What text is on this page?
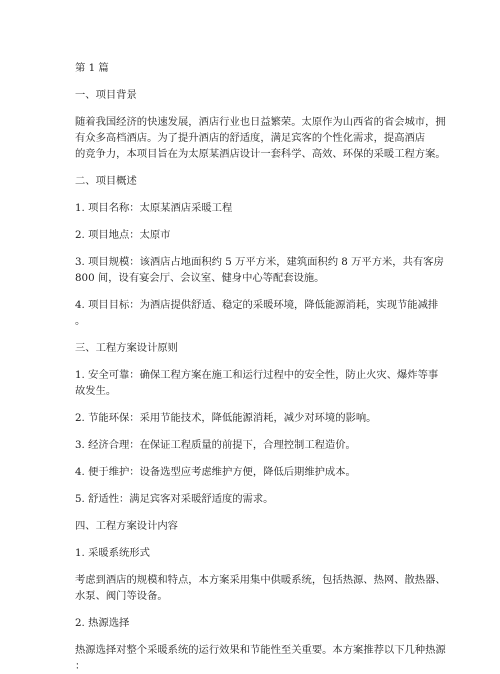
第 1 篇

一、项目背景

随着我国经济的快速发展，酒店行业也日益繁荣。太原作为山西省的省会城市，拥

有众多高档酒店。为了提升酒店的舒适度，满足宾客的个性化需求，提高酒店

的竞争力，本项目旨在为太原某酒店设计一套科学、高效、环保的采暖工程方案。

二、项目概述

1. 项目名称：太原某酒店采暖工程

2. 项目地点：太原市

3. 项目规模：该酒店占地面积约 5 万平方米，建筑面积约 8 万平方米，共有客房

800 间，设有宴会厅、会议室、健身中心等配套设施。

4. 项目目标：为酒店提供舒适、稳定的采暖环境，降低能源消耗，实现节能减排

。

三、工程方案设计原则

1. 安全可靠：确保工程方案在施工和运行过程中的安全性，防止火灾、爆炸等事

故发生。

2. 节能环保：采用节能技术，降低能源消耗，减少对环境的影响。

3. 经济合理：在保证工程质量的前提下，合理控制工程造价。

4. 便于维护：设备选型应考虑维护方便，降低后期维护成本。

5. 舒适性：满足宾客对采暖舒适度的需求。

四、工程方案设计内容

1. 采暖系统形式

考虑到酒店的规模和特点，本方案采用集中供暖系统，包括热源、热网、散热器、

水泵、阀门等设备。

2. 热源选择

热源选择对整个采暖系统的运行效果和节能性至关重要。本方案推荐以下几种热源

：
